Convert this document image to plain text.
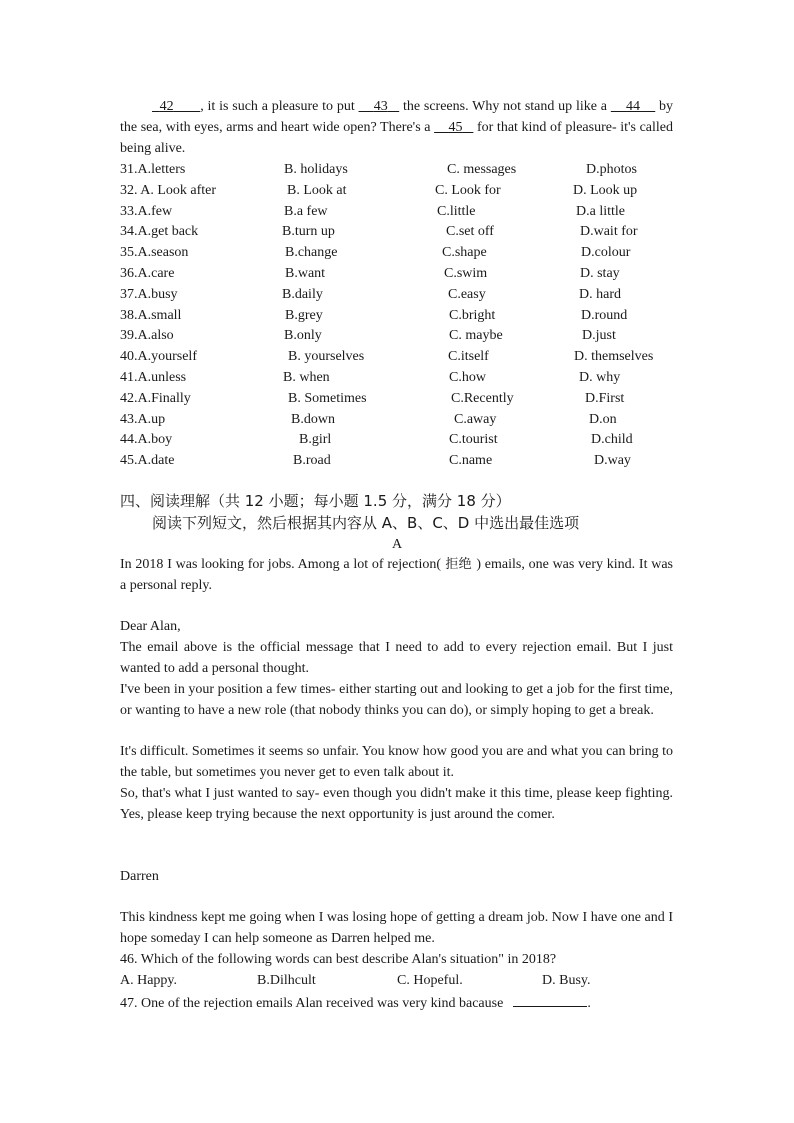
42 , it is such a pleasure to put     43    the screens. Why not stand up like a     44     by the sea, with eyes, arms and heart wide open? There's a     45    for that kind of pleasure- it's called being alive.

31.A.letters	B. holidays	C. messages	D.photos
32. A. Look after	B. Look at	C. Look for	D. Look up
33.A.few	B.a few	C.little	D.a little
34.A.get back	B.turn up	C.set off	D.wait for
35.A.season	B.change	C.shape	D.colour
36.A.care	B.want	C.swim	D. stay
37.A.busy	B.daily	C.easy	D. hard
38.A.small	B.grey	C.bright	D.round
39.A.also	B.only	C. maybe	D.just
40.A.yourself	B. yourselves	C.itself	D. themselves
41.A.unless	B. when	C.how	D. why
42.A.Finally	B. Sometimes	C.Recently	D.First
43.A.up	B.down	C.away	D.on
44.A.boy	B.girl	C.tourist	D.child
45.A.date	B.road	C.name	D.way
四、阅读理解（共 12 小题；每小题 1.5 分，满分 18 分）

阅读下列短文，然后根据其内容从 A、B、C、D 中选出最佳选项

A

In 2018 I was looking for jobs. Among a lot of rejection( 拒绝 ) emails, one was very kind. It was a personal reply.

Dear Alan,

The email above is the official message that I need to add to every rejection email. But I just wanted to add a personal thought.

I've been in your position a few times- either starting out and looking to get a job for the first time, or wanting to have a new role (that nobody thinks you can do), or simply hoping to get a break.

It's difficult. Sometimes it seems so unfair. You know how good you are and what you can bring to the table, but sometimes you never get to even talk about it.

So, that's what I just wanted to say- even though you didn't make it this time, please keep fighting. Yes, please keep trying because the next opportunity is just around the comer.

Darren

This kindness kept me going when I was losing hope of getting a dream job. Now I have one and I hope someday I can help someone as Darren helped me.

46. Which of the following words can best describe Alan's situation" in 2018?

A. Happy.	B.Dilhcult	C. Hopeful.	D. Busy.

47. One of the rejection emails Alan received was very kind bacause	.
